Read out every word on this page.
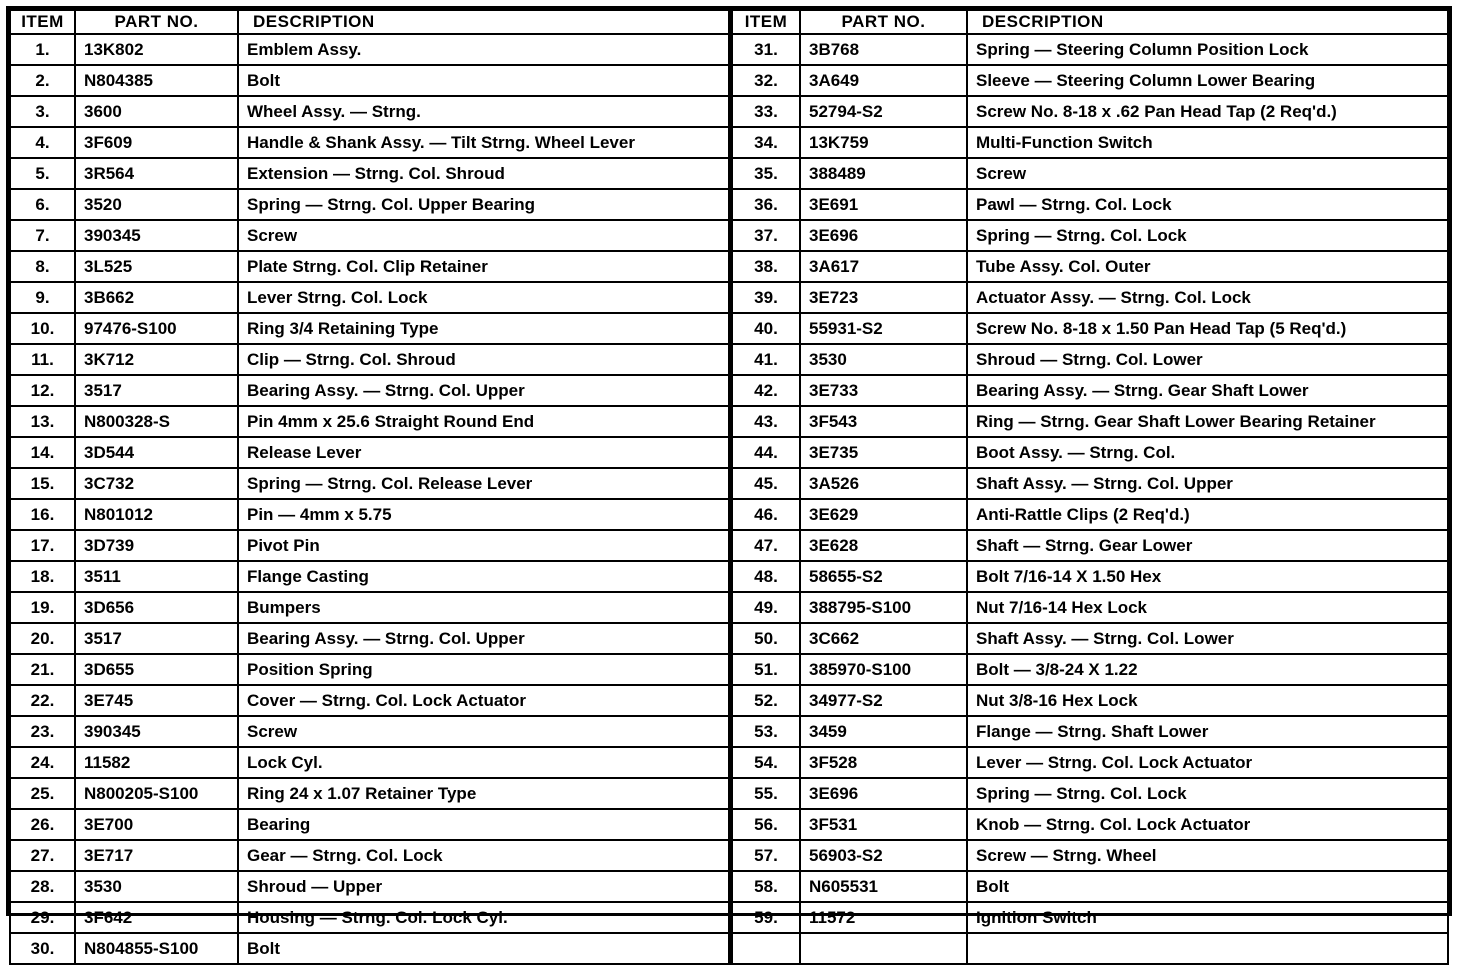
ITEM	PART NO.	DESCRIPTION
1.	13K802	Emblem Assy.
2.	N804385	Bolt
3.	3600	Wheel Assy. — Strng.
4.	3F609	Handle & Shank Assy. — Tilt Strng. Wheel Lever
5.	3R564	Extension — Strng. Col. Shroud
6.	3520	Spring — Strng. Col. Upper Bearing
7.	390345	Screw
8.	3L525	Plate Strng. Col. Clip Retainer
9.	3B662	Lever Strng. Col. Lock
10.	97476-S100	Ring 3/4 Retaining Type
11.	3K712	Clip — Strng. Col. Shroud
12.	3517	Bearing Assy. — Strng. Col. Upper
13.	N800328-S	Pin 4mm x 25.6 Straight Round End
14.	3D544	Release Lever
15.	3C732	Spring — Strng. Col. Release Lever
16.	N801012	Pin — 4mm x 5.75
17.	3D739	Pivot Pin
18.	3511	Flange Casting
19.	3D656	Bumpers
20.	3517	Bearing Assy. — Strng. Col. Upper
21.	3D655	Position Spring
22.	3E745	Cover — Strng. Col. Lock Actuator
23.	390345	Screw
24.	11582	Lock Cyl.
25.	N800205-S100	Ring 24 x 1.07 Retainer Type
26.	3E700	Bearing
27.	3E717	Gear — Strng. Col. Lock
28.	3530	Shroud — Upper
29.	3F642	Housing — Strng. Col. Lock Cyl.
30.	N804855-S100	Bolt
ITEM	PART NO.	DESCRIPTION
31.	3B768	Spring — Steering Column Position Lock
32.	3A649	Sleeve — Steering Column Lower Bearing
33.	52794-S2	Screw No. 8-18 x .62 Pan Head Tap (2 Req'd.)
34.	13K759	Multi-Function Switch
35.	388489	Screw
36.	3E691	Pawl — Strng. Col. Lock
37.	3E696	Spring — Strng. Col. Lock
38.	3A617	Tube Assy. Col. Outer
39.	3E723	Actuator Assy. — Strng. Col. Lock
40.	55931-S2	Screw No. 8-18 x 1.50 Pan Head Tap (5 Req'd.)
41.	3530	Shroud — Strng. Col. Lower
42.	3E733	Bearing Assy. — Strng. Gear Shaft Lower
43.	3F543	Ring — Strng. Gear Shaft Lower Bearing Retainer
44.	3E735	Boot Assy. — Strng. Col.
45.	3A526	Shaft Assy. — Strng. Col. Upper
46.	3E629	Anti-Rattle Clips (2 Req'd.)
47.	3E628	Shaft — Strng. Gear Lower
48.	58655-S2	Bolt 7/16-14 X 1.50 Hex
49.	388795-S100	Nut 7/16-14 Hex Lock
50.	3C662	Shaft Assy. — Strng. Col. Lower
51.	385970-S100	Bolt — 3/8-24 X 1.22
52.	34977-S2	Nut 3/8-16 Hex Lock
53.	3459	Flange — Strng. Shaft Lower
54.	3F528	Lever — Strng. Col. Lock Actuator
55.	3E696	Spring — Strng. Col. Lock
56.	3F531	Knob — Strng. Col. Lock Actuator
57.	56903-S2	Screw — Strng. Wheel
58.	N605531	Bolt
59.	11572	Ignition Switch
